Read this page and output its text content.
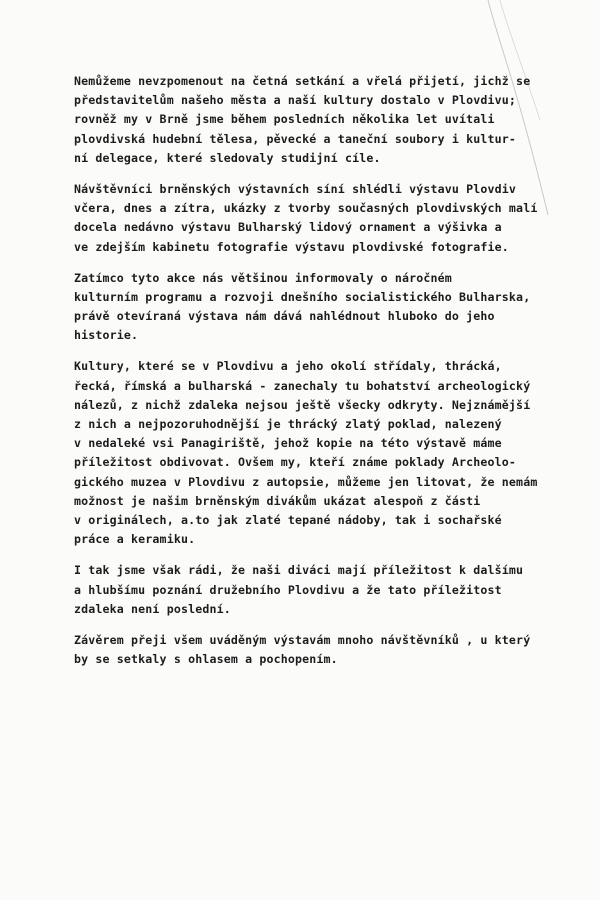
Nemůžeme nevzpomenout na četná setkání a vřelá přijetí, jichž se
představitelům našeho města a naší kultury dostalo v Plovdivu;
rovněž my v Brně jsme během posledních několika let uvítali
plovdivská hudební tělesa, pěvecké a taneční soubory i kultur-
ní delegace, které sledovaly studijní cíle.
Návštěvníci brněnských výstavních síní shlédli výstavu Plovdiv
včera, dnes a zítra, ukázky z tvorby současných plovdivských malí
docela nedávno výstavu Bulharský lidový ornament a výšivka a
ve zdejším kabinetu fotografie výstavu plovdivské fotografie.
Zatímco tyto akce nás většinou informovaly o náročném
kulturním programu a rozvoji dnešního socialistického Bulharska,
právě otevíraná výstava nám dává nahlédnout hluboko do jeho
historie.
Kultury, které se v Plovdivu a jeho okolí střídaly, thrácká,
řecká, římská a bulharská - zanechaly tu bohatství archeologický
nálezů, z nichž zdaleka nejsou ještě všecky odkryty. Nejznámější
z nich a nejpozoruhodnější je thrácký zlatý poklad, nalezený
v nedaleké vsi Panagiriště, jehož kopie na této výstavě máme
příležitost obdivovat. Ovšem my, kteří známe poklady Archeolo-
gického muzea v Plovdivu z autopsie, můžeme jen litovat, že nemám
možnost je našim brněnským divákům ukázat alespoň z části
v originálech, a.to jak zlaté tepané nádoby, tak i sochařské
práce a keramiku.
I tak jsme však rádi, že naši diváci mají příležitost k dalšímu
a hlubšímu poznání družebního Plovdivu a že tato příležitost
zdaleka není poslední.
Závěrem přeji všem uváděným výstavám mnoho návštěvníků , u který
by se setkaly s ohlasem a pochopením.
